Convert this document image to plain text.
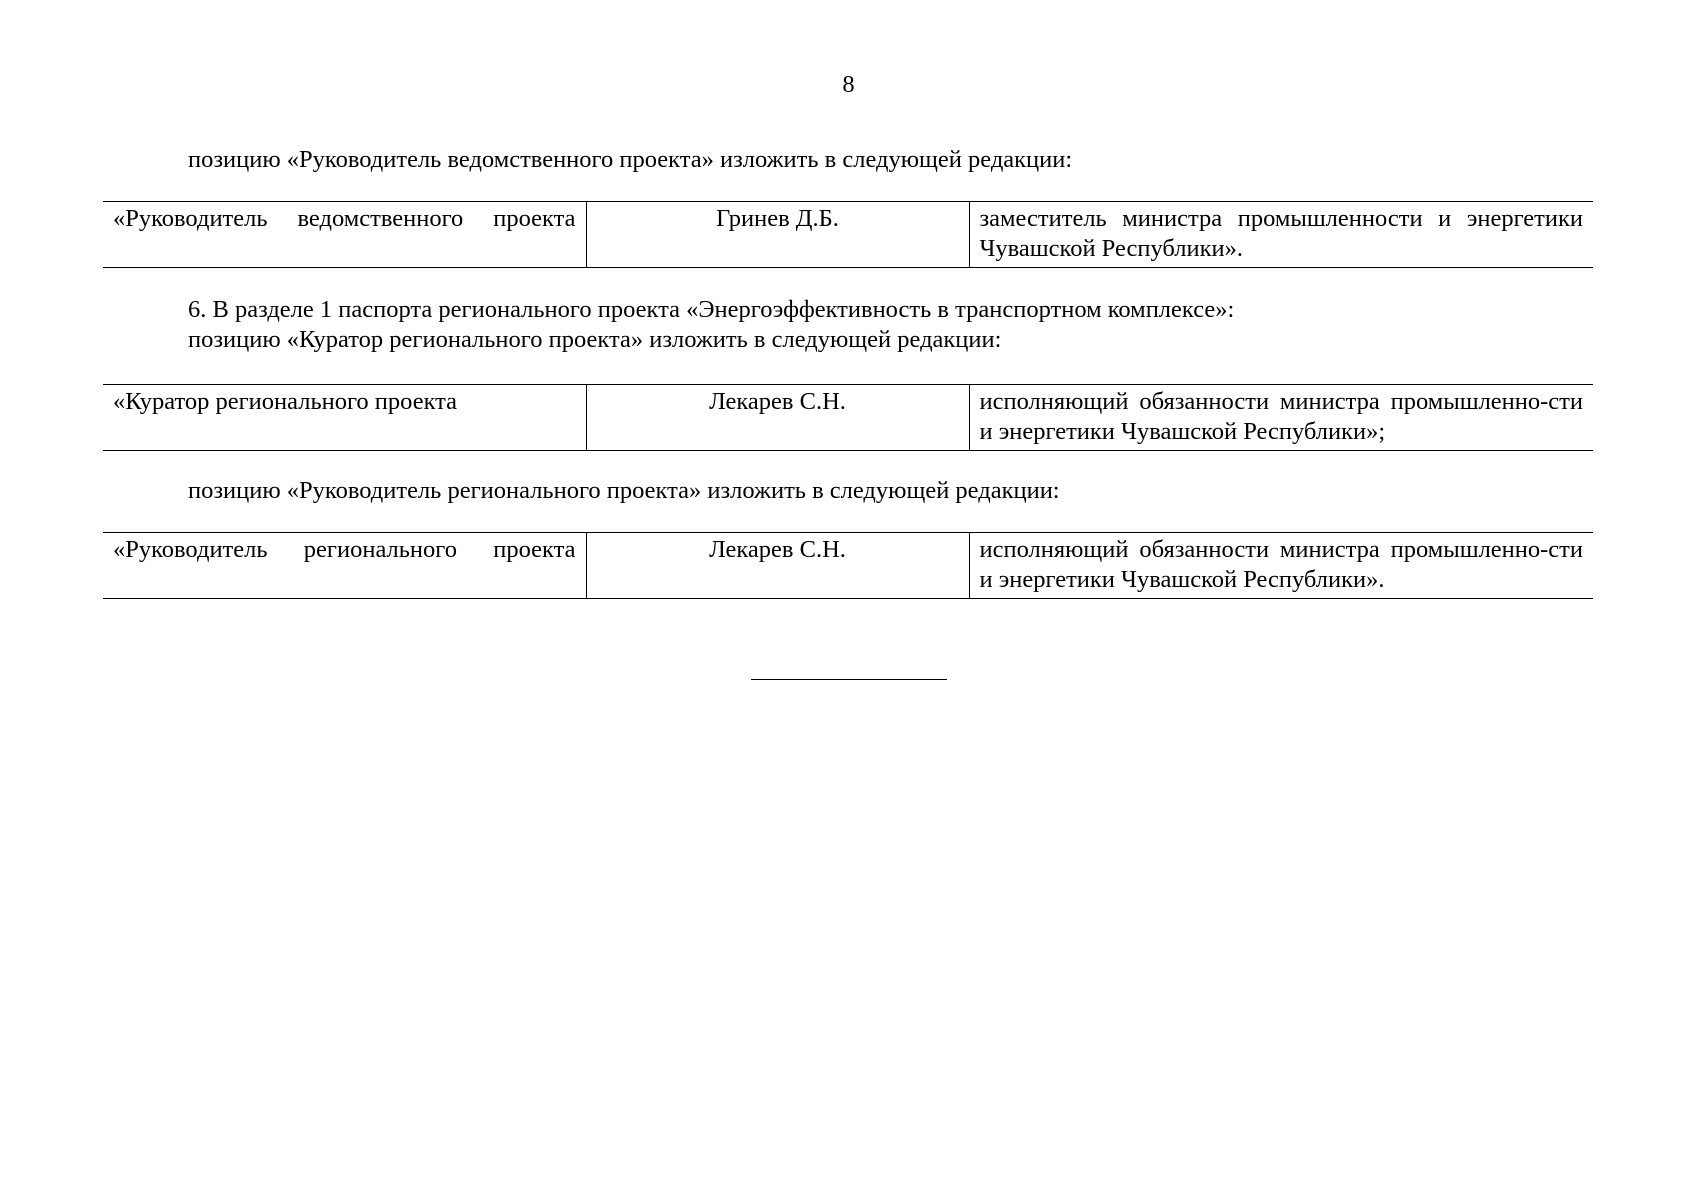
8
позицию «Руководитель ведомственного проекта» изложить в следующей редакции:
«Руководитель ведомственного проекта	Гринев Д.Б.	заместитель министра промышленности и энергетики Чувашской Республики».
6. В разделе 1 паспорта регионального проекта «Энергоэффективность в транспортном комплексе»:
позицию «Куратор регионального проекта» изложить в следующей редакции:
«Куратор регионального проекта	Лекарев С.Н.	исполняющий обязанности министра промышленно-сти и энергетики Чувашской Республики»;
позицию «Руководитель регионального проекта» изложить в следующей редакции:
«Руководитель регионального проекта	Лекарев С.Н.	исполняющий обязанности министра промышленно-сти и энергетики Чувашской Республики».
